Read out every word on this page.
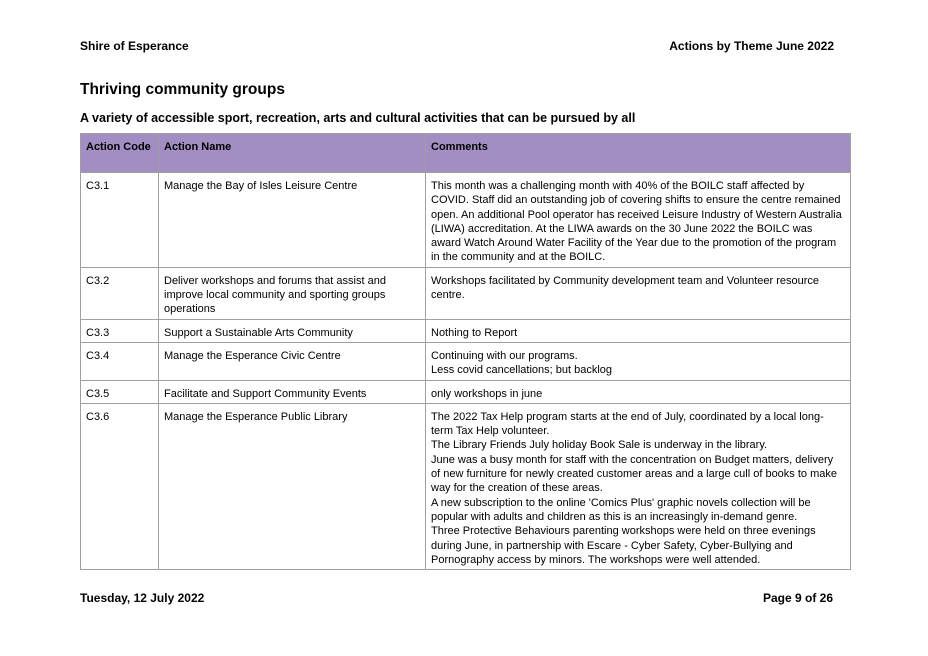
Shire of Esperance	Actions by Theme June 2022
Thriving community groups
A variety of accessible sport, recreation, arts and cultural activities that can be pursued by all
Action Code	Action Name	Comments
C3.1	Manage the Bay of Isles Leisure Centre	This month was a challenging month with 40% of the BOILC staff affected by COVID. Staff did an outstanding job of covering shifts to ensure the centre remained open. An additional Pool operator has received Leisure Industry of Western Australia (LIWA) accreditation. At the LIWA awards on the 30 June 2022 the BOILC was award Watch Around Water Facility of the Year due to the promotion of the program in the community and at the BOILC.

C3.2	Deliver workshops and forums that assist and improve local community and sporting groups operations	Workshops facilitated by Community development team and Volunteer resource centre.

C3.3	Support a Sustainable Arts Community	Nothing to Report

C3.4	Manage the Esperance Civic Centre	Continuing with our programs.
Less covid cancellations; but backlog

C3.5	Facilitate and Support Community Events	only workshops in june

C3.6	Manage the Esperance Public Library	The 2022 Tax Help program starts at the end of July, coordinated by a local long-term Tax Help volunteer.
The Library Friends July holiday Book Sale is underway in the library.
June was a busy month for staff with the concentration on Budget matters, delivery of new furniture for newly created customer areas and a large cull of books to make way for the creation of these areas.
A new subscription to the online 'Comics Plus' graphic novels collection will be popular with adults and children as this is an increasingly in-demand genre.
Three Protective Behaviours parenting workshops were held on three evenings during June, in partnership with Escare - Cyber Safety, Cyber-Bullying and Pornography access by minors. The workshops were well attended.
Tuesday, 12 July 2022	Page 9 of 26
